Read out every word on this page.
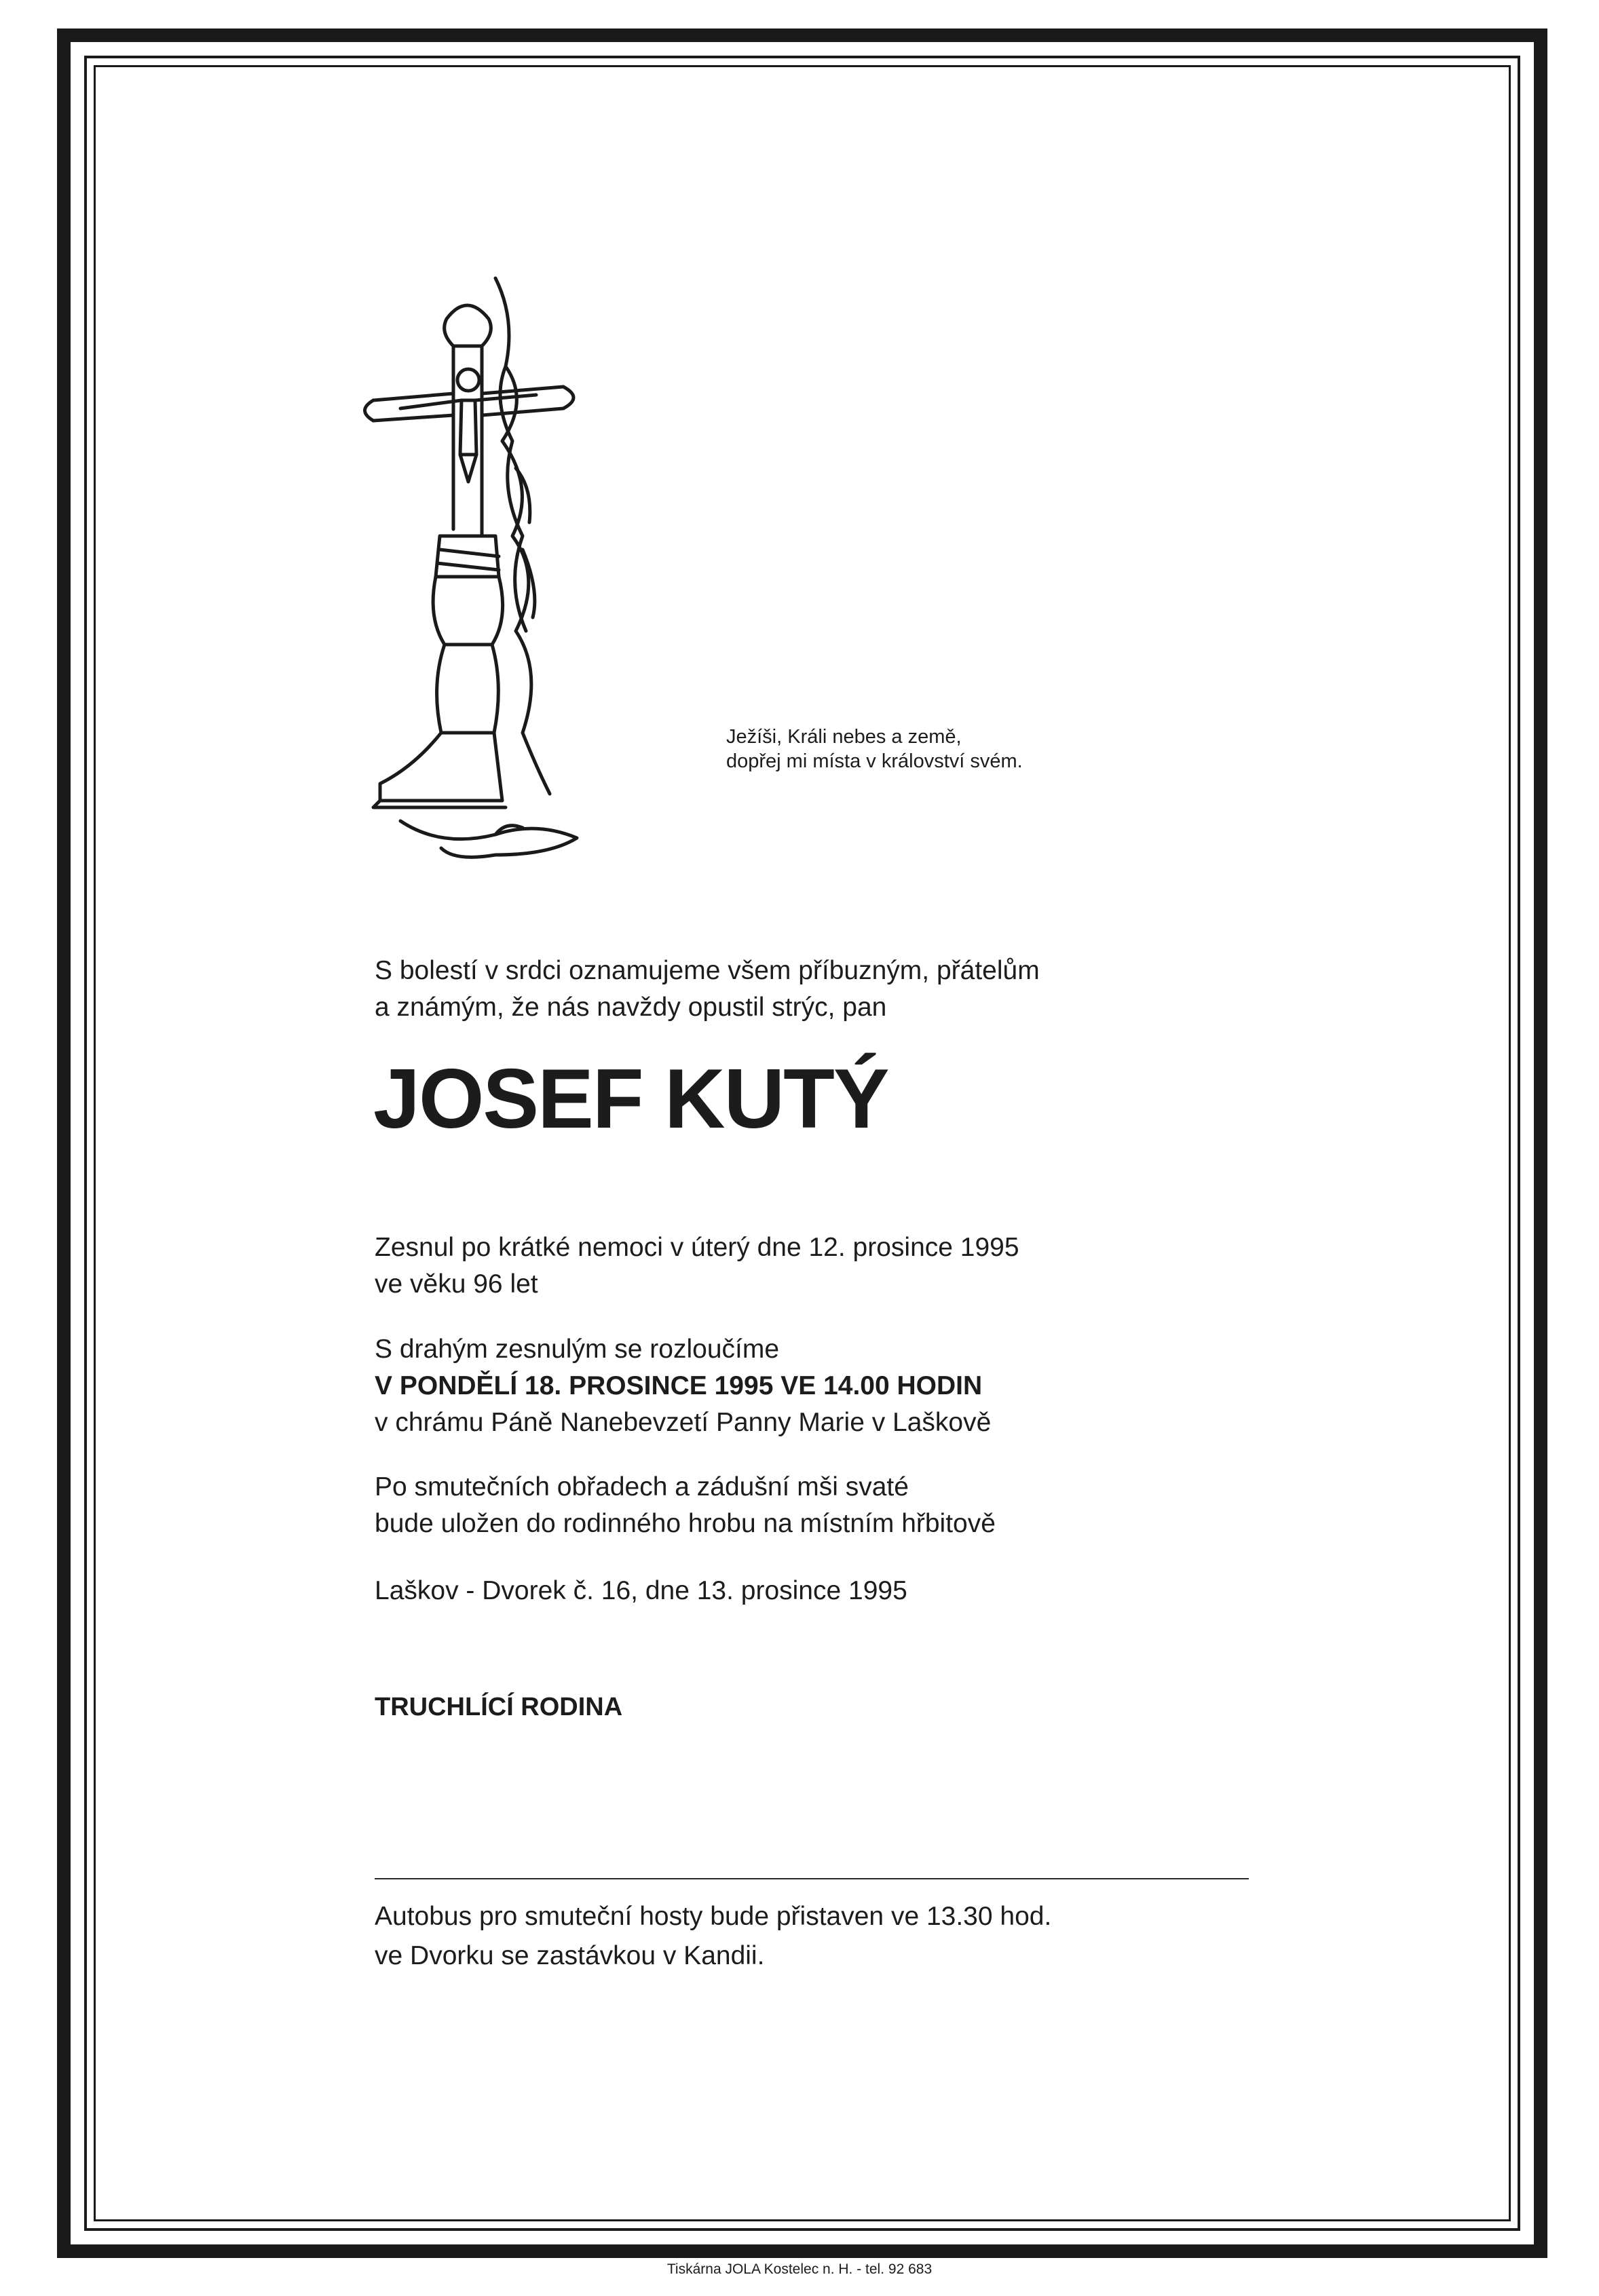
Ježíši, Králi nebes a země,
dopřej mi místa v království svém.
S bolestí v srdci oznamujeme všem příbuzným, přátelům
a známým, že nás navždy opustil strýc, pan
JOSEF KUTÝ
Zesnul po krátké nemoci v úterý dne 12. prosince 1995
ve věku 96 let
S drahým zesnulým se rozloučíme
V PONDĚLÍ 18. PROSINCE 1995 VE 14.00 HODIN
v chrámu Páně Nanebevzetí Panny Marie v Laškově
Po smutečních obřadech a zádušní mši svaté
bude uložen do rodinného hrobu na místním hřbitově
Laškov - Dvorek č. 16, dne 13. prosince 1995
TRUCHLÍCÍ RODINA
Autobus pro smuteční hosty bude přistaven ve 13.30 hod.
ve Dvorku se zastávkou v Kandii.
Tiskárna JOLA Kostelec n. H. - tel. 92 683
